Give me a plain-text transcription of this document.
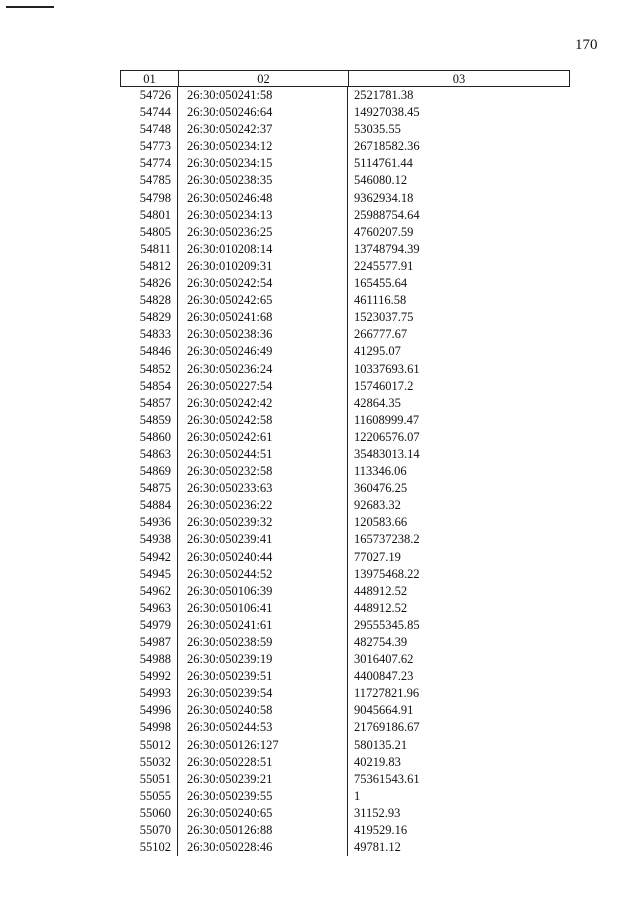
170
01	02	03
54726	26:30:050241:58	2521781.38
54744	26:30:050246:64	14927038.45
54748	26:30:050242:37	53035.55
54773	26:30:050234:12	26718582.36
54774	26:30:050234:15	5114761.44
54785	26:30:050238:35	546080.12
54798	26:30:050246:48	9362934.18
54801	26:30:050234:13	25988754.64
54805	26:30:050236:25	4760207.59
54811	26:30:010208:14	13748794.39
54812	26:30:010209:31	2245577.91
54826	26:30:050242:54	165455.64
54828	26:30:050242:65	461116.58
54829	26:30:050241:68	1523037.75
54833	26:30:050238:36	266777.67
54846	26:30:050246:49	41295.07
54852	26:30:050236:24	10337693.61
54854	26:30:050227:54	15746017.2
54857	26:30:050242:42	42864.35
54859	26:30:050242:58	11608999.47
54860	26:30:050242:61	12206576.07
54863	26:30:050244:51	35483013.14
54869	26:30:050232:58	113346.06
54875	26:30:050233:63	360476.25
54884	26:30:050236:22	92683.32
54936	26:30:050239:32	120583.66
54938	26:30:050239:41	165737238.2
54942	26:30:050240:44	77027.19
54945	26:30:050244:52	13975468.22
54962	26:30:050106:39	448912.52
54963	26:30:050106:41	448912.52
54979	26:30:050241:61	29555345.85
54987	26:30:050238:59	482754.39
54988	26:30:050239:19	3016407.62
54992	26:30:050239:51	4400847.23
54993	26:30:050239:54	11727821.96
54996	26:30:050240:58	9045664.91
54998	26:30:050244:53	21769186.67
55012	26:30:050126:127	580135.21
55032	26:30:050228:51	40219.83
55051	26:30:050239:21	75361543.61
55055	26:30:050239:55	1
55060	26:30:050240:65	31152.93
55070	26:30:050126:88	419529.16
55102	26:30:050228:46	49781.12
